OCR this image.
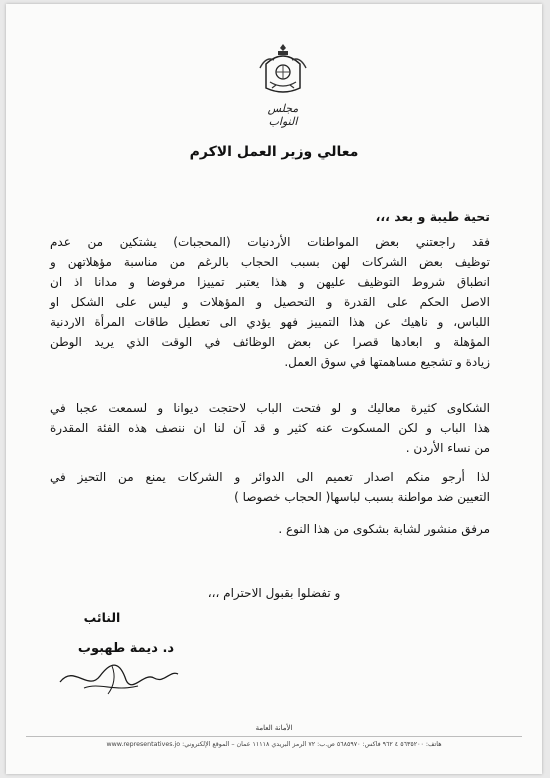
مجلس النواب
معالي وزير العمل الاكرم
تحية طيبة و بعد ،،،
فقد راجعتني بعض المواطنات الأردنيات (المحجبات) يشتكين من عدم
توظيف بعض الشركات لهن بسبب الحجاب بالرغم من مناسبة مؤهلاتهن و
انطباق شروط التوظيف عليهن و هذا يعتبر تمييزا مرفوضا و مدانا اذ ان
الاصل الحكم على القدرة و التحصيل و المؤهلات و ليس على الشكل او
اللباس، و ناهيك عن هذا التمييز فهو يؤدي الى تعطيل طاقات المرأة الاردنية
المؤهلة و ابعادها قصرا عن بعض الوظائف في الوقت الذي يريد الوطن
زيادة و تشجيع مساهمتها في سوق العمل.
الشكاوى كثيرة معاليك و لو فتحت الباب لاحتجت ديوانا و لسمعت عجبا في
هذا الباب و لكن المسكوت عنه كثير و قد آن لنا ان ننصف هذه الفئة المقدرة
من نساء الأردن .
لذا أرجو منكم اصدار تعميم الى الدوائر و الشركات يمنع من التحيز في
التعيين ضد مواطنة بسبب لباسها( الحجاب خصوصا )
مرفق منشور لشابة بشكوى من هذا النوع .
و تفضلوا بقبول الاحترام ،،،
النائب
د. ديمة طهبوب
الأمانة العامة
هاتف: ٥٦٣٥٢٠٠ ٤ ٩٦٢ فاكس: ٥٦٨٥٩٧٠ ص.ب: ٧٢ الرمز البريدي ١١١١٨ عمان – الموقع الإلكتروني: www.representatives.jo
